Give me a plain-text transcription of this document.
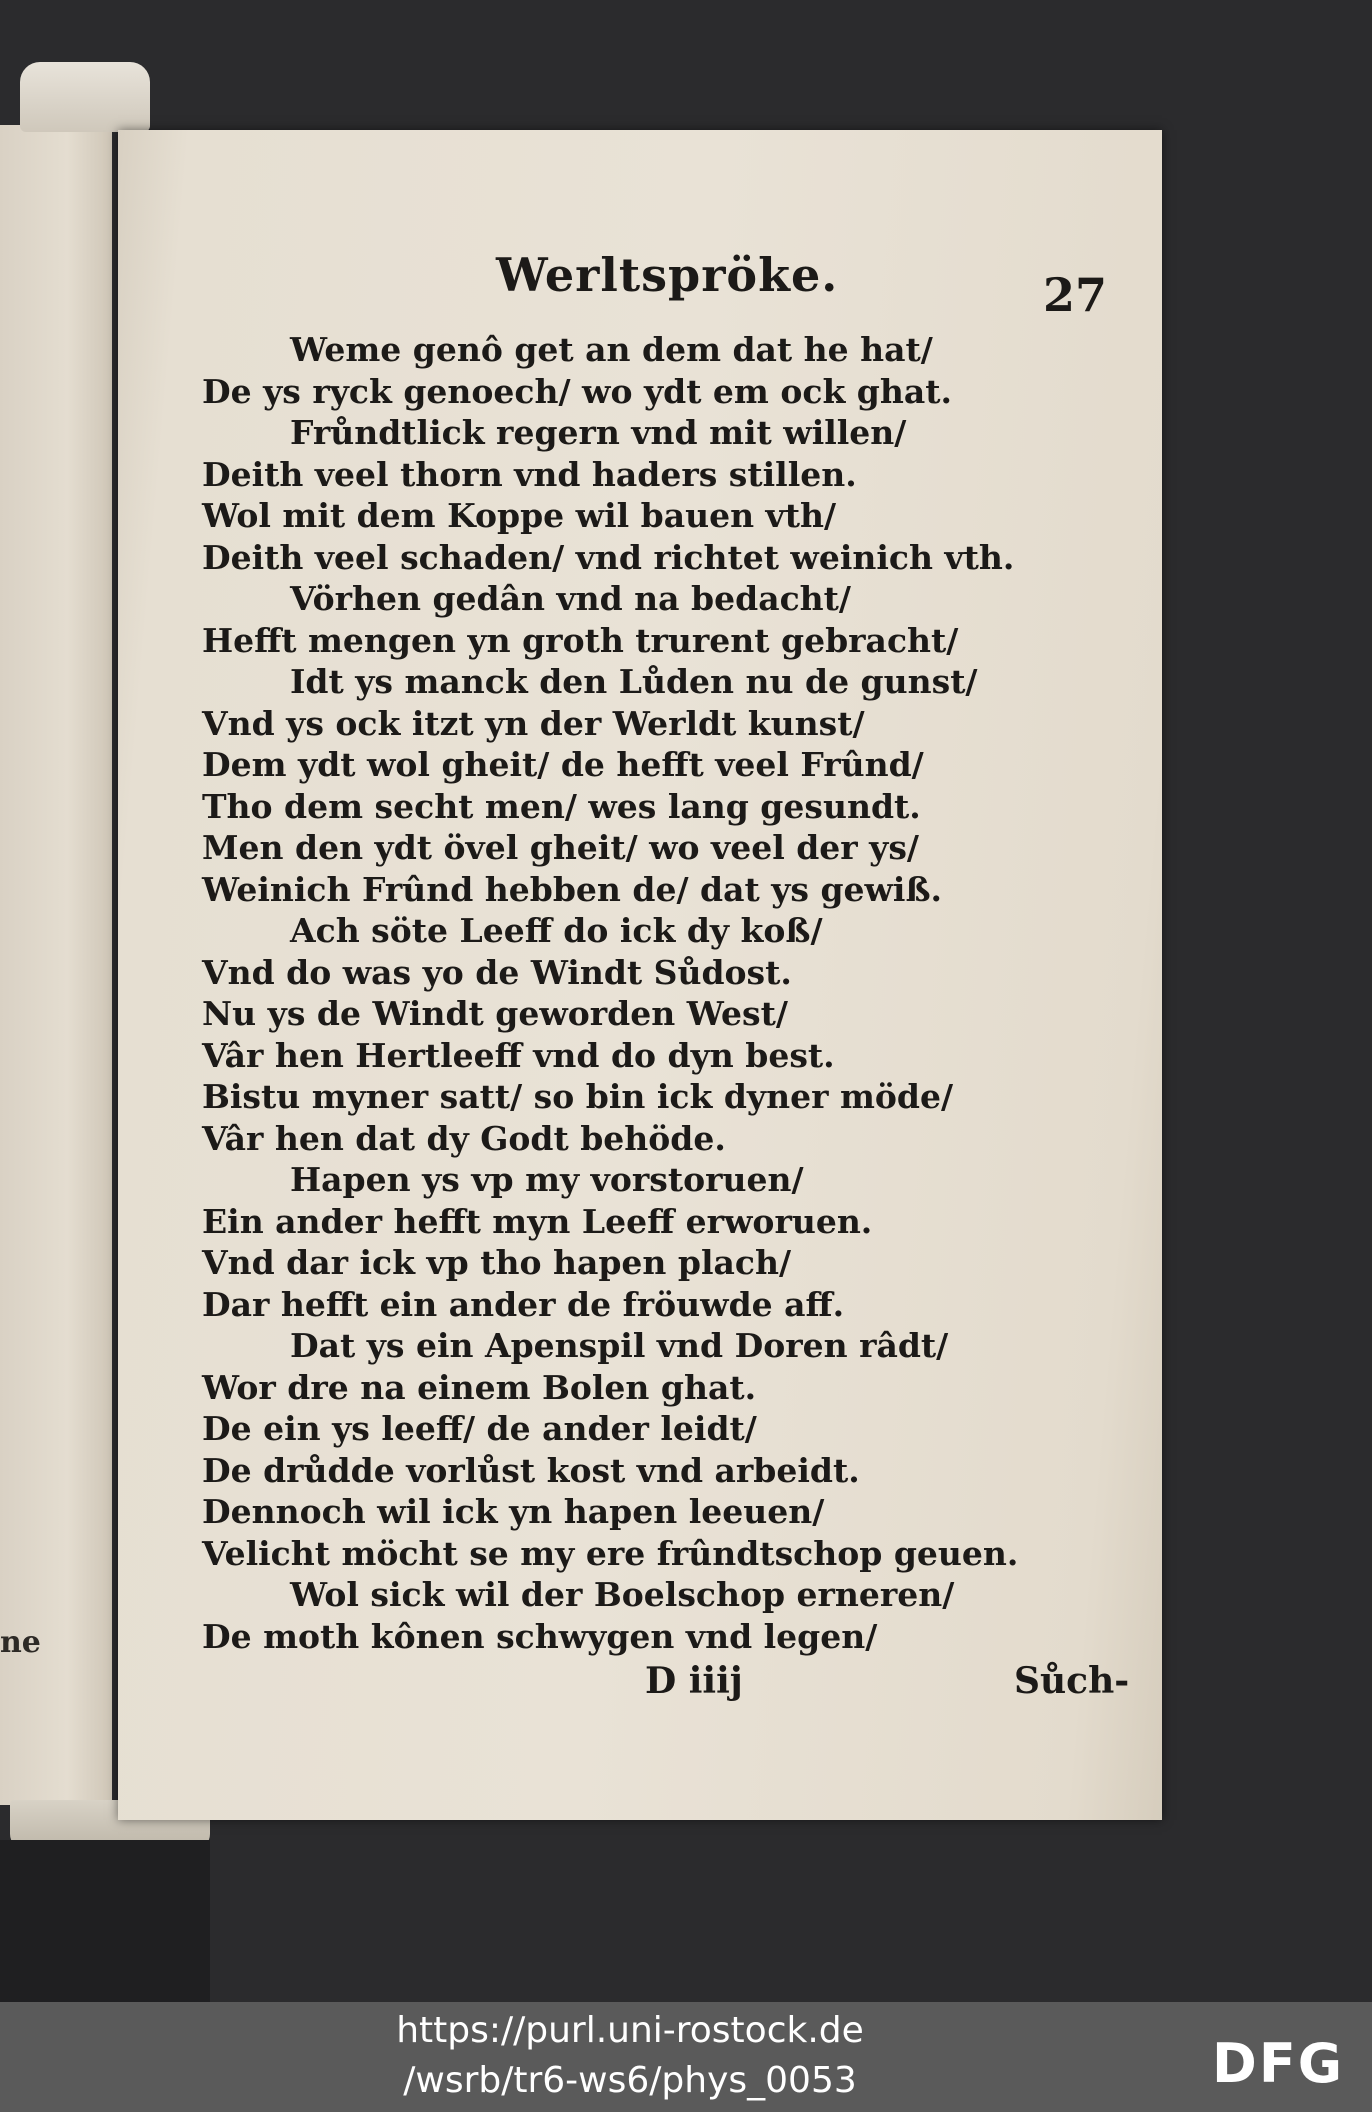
ne
Werltspröke.	27
Weme genô get an dem dat he hat/
De ys ryck genoech/ wo ydt em ock ghat.
Frůndtlick regern vnd mit willen/
Deith veel thorn vnd haders stillen.
Wol mit dem Koppe wil bauen vth/
Deith veel schaden/ vnd richtet weinich vth.
Vörhen gedân vnd na bedacht/
Hefft mengen yn groth trurent gebracht/
Idt ys manck den Lůden nu de gunst/
Vnd ys ock itzt yn der Werldt kunst/
Dem ydt wol gheit/ de hefft veel Frûnd/
Tho dem secht men/ wes lang gesundt.
Men den ydt övel gheit/ wo veel der ys/
Weinich Frûnd hebben de/ dat ys gewiß.
Ach söte Leeff do ick dy koß/
Vnd do was yo de Windt Sůdost.
Nu ys de Windt geworden West/
Vâr hen Hertleeff vnd do dyn best.
Bistu myner satt/ so bin ick dyner möde/
Vâr hen dat dy Godt behöde.
Hapen ys vp my vorstoruen/
Ein ander hefft myn Leeff erworuen.
Vnd dar ick vp tho hapen plach/
Dar hefft ein ander de fröuwde aff.
Dat ys ein Apenspil vnd Doren râdt/
Wor dre na einem Bolen ghat.
De ein ys leeff/ de ander leidt/
De drůdde vorlůst kost vnd arbeidt.
Dennoch wil ick yn hapen leeuen/
Velicht möcht se my ere frûndtschop geuen.
Wol sick wil der Boelschop erneren/
De moth kônen schwygen vnd legen/
D iiij	Sůch-
https://purl.uni-rostock.de
/wsrb/tr6-ws6/phys_0053	DFG
